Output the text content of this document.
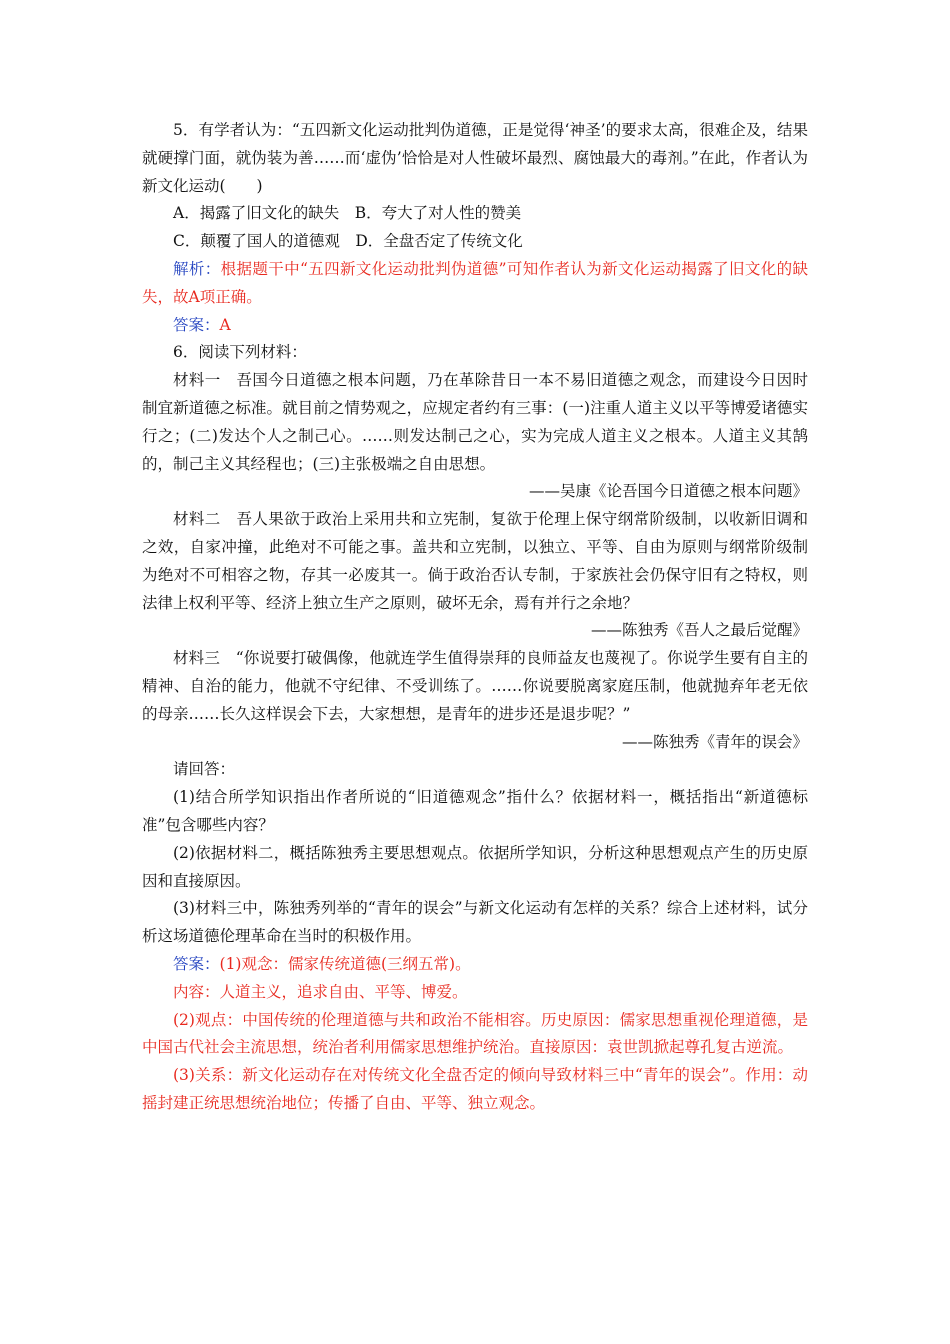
5．有学者认为：“五四新文化运动批判伪道德，正是觉得‘神圣’的要求太高，很难企及，结果就硬撑门面，就伪装为善……而‘虚伪’恰恰是对人性破坏最烈、腐蚀最大的毒剂。”在此，作者认为新文化运动(　　)

A．揭露了旧文化的缺失　B．夸大了对人性的赞美

C．颠覆了国人的道德观　D．全盘否定了传统文化

解析：根据题干中“五四新文化运动批判伪道德”可知作者认为新文化运动揭露了旧文化的缺失，故A项正确。

答案：A

6．阅读下列材料：

材料一　吾国今日道德之根本问题，乃在革除昔日一本不易旧道德之观念，而建设今日因时制宜新道德之标准。就目前之情势观之，应规定者约有三事：(一)注重人道主义以平等博爱诸德实行之；(二)发达个人之制己心。……则发达制己之心，实为完成人道主义之根本。人道主义其鹄的，制己主义其经程也；(三)主张极端之自由思想。

——吴康《论吾国今日道德之根本问题》

材料二　吾人果欲于政治上采用共和立宪制，复欲于伦理上保守纲常阶级制，以收新旧调和之效，自家冲撞，此绝对不可能之事。盖共和立宪制，以独立、平等、自由为原则与纲常阶级制为绝对不可相容之物，存其一必废其一。倘于政治否认专制，于家族社会仍保守旧有之特权，则法律上权利平等、经济上独立生产之原则，破坏无余，焉有并行之余地？

——陈独秀《吾人之最后觉醒》

材料三　“你说要打破偶像，他就连学生值得崇拜的良师益友也蔑视了。你说学生要有自主的精神、自治的能力，他就不守纪律、不受训练了。……你说要脱离家庭压制，他就抛弃年老无依的母亲……长久这样误会下去，大家想想，是青年的进步还是退步呢？”

——陈独秀《青年的误会》

请回答：

(1)结合所学知识指出作者所说的“旧道德观念”指什么？依据材料一，概括指出“新道德标准”包含哪些内容？

(2)依据材料二，概括陈独秀主要思想观点。依据所学知识，分析这种思想观点产生的历史原因和直接原因。

(3)材料三中，陈独秀列举的“青年的误会”与新文化运动有怎样的关系？综合上述材料，试分析这场道德伦理革命在当时的积极作用。

答案：(1)观念：儒家传统道德(三纲五常)。

内容：人道主义，追求自由、平等、博爱。

(2)观点：中国传统的伦理道德与共和政治不能相容。历史原因：儒家思想重视伦理道德，是中国古代社会主流思想，统治者利用儒家思想维护统治。直接原因：袁世凯掀起尊孔复古逆流。

(3)关系：新文化运动存在对传统文化全盘否定的倾向导致材料三中“青年的误会”。作用：动摇封建正统思想统治地位；传播了自由、平等、独立观念。
